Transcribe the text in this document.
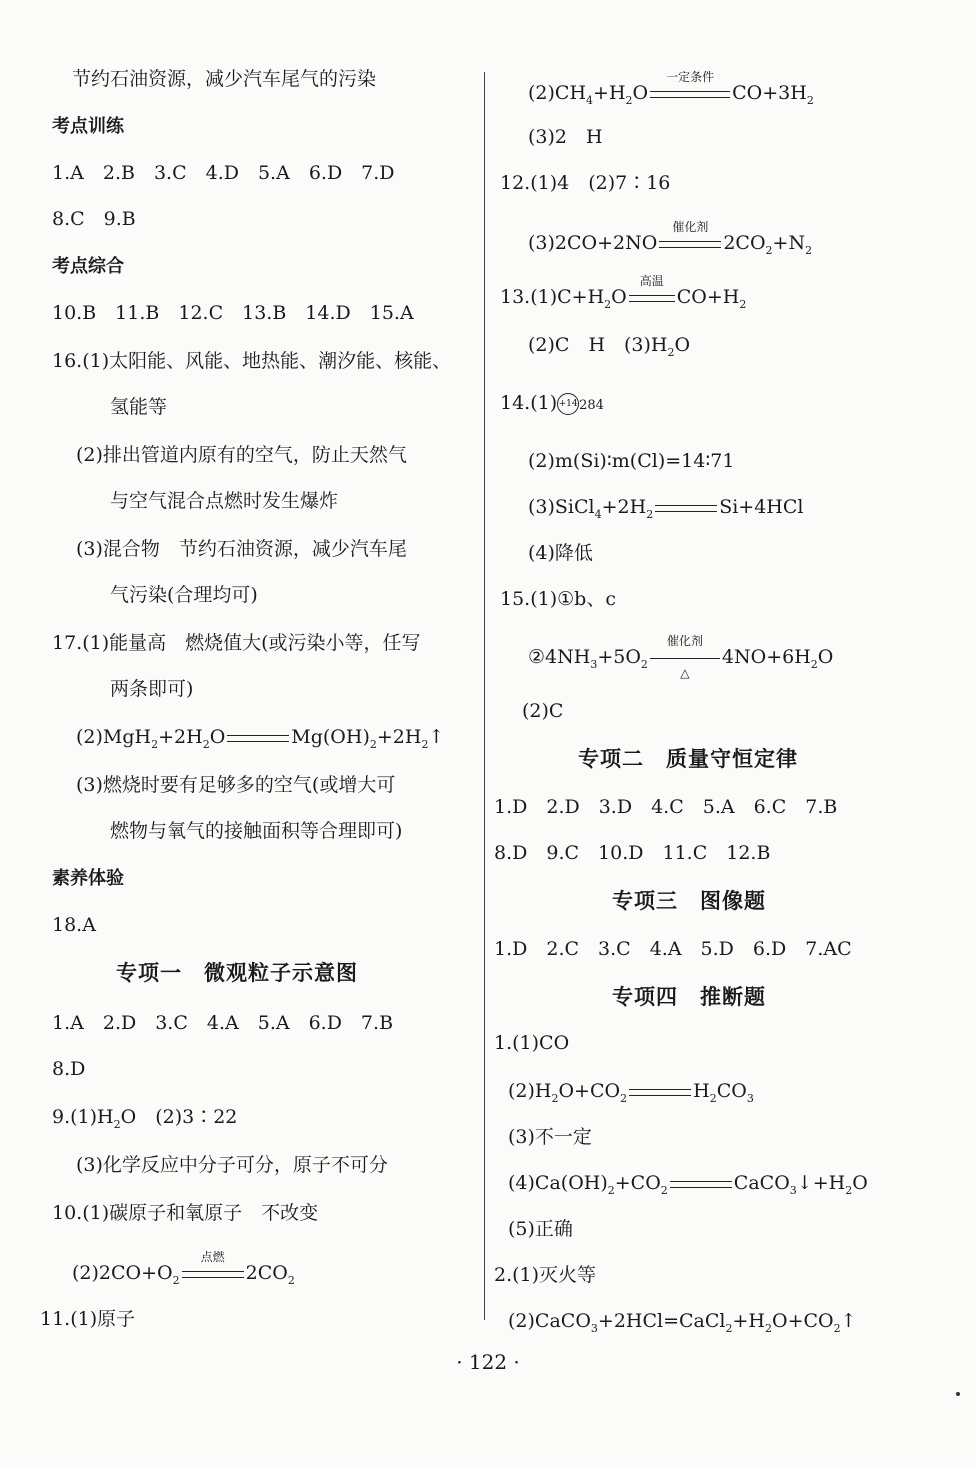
节约石油资源，减少汽车尾气的污染
考点训练
1.A　2.B　3.C　4.D　5.A　6.D　7.D
8.C　9.B
考点综合
10.B　11.B　12.C　13.B　14.D　15.A
16.(1)太阳能、风能、地热能、潮汐能、核能、
氢能等
(2)排出管道内原有的空气，防止天然气
与空气混合点燃时发生爆炸
(3)混合物　节约石油资源，减少汽车尾
气污染(合理均可)
17.(1)能量高　燃烧值大(或污染小等，任写
两条即可)
$(2)MgH_2+2H_2O$	$Mg(OH)_2+2H_2↑$
(3)燃烧时要有足够多的空气(或增大可
燃物与氧气的接触面积等合理即可)
素养体验
18.A
专项一　微观粒子示意图
1.A　2.D　3.C　4.A　5.A　6.D　7.B
8.D
$9.(1)H_2O$　(2)3∶22
(3)化学反应中分子可分，原子不可分
10.(1)碳原子和氧原子　不改变
$(2)2CO+O_2$
点燃
$2CO_2$
11.(1)原子
$(2)CH_4+H_2O$
一定条件
$CO+3H_2$
(3)2　H
12.(1)4　(2)7∶16
(3)2CO+2NO
催化剂
$2CO_2+N_2$
$13.(1)C+H_2O$
高温
$CO+H_2$
(2)C　H　$(3)H_2O$
14.(1) +14 284
(2)m(Si)∶m(Cl)=14∶71
$(3)SiCl_4+2H_2$	Si+4HCl
(4)降低
15.(1)①b、c
$②4NH_3+5O_2$
催化剂
△
$4NO+6H_2O$
(2)C
专项二　质量守恒定律
1.D　2.D　3.D　4.C　5.A　6.C　7.B
8.D　9.C　10.D　11.C　12.B
专项三　图像题
1.D　2.C　3.C　4.A　5.D　6.D　7.AC
专项四　推断题
1.(1)CO
$(2)H_2O+CO_2$	$H_2CO_3$
(3)不一定
$(4)Ca(OH)_2+CO_2$	$CaCO_3↓+H_2O$
(5)正确
2.(1)灭火等
$(2)CaCO_3+2HCl=CaCl_2+H_2O+CO_2↑$
· 122 ·
